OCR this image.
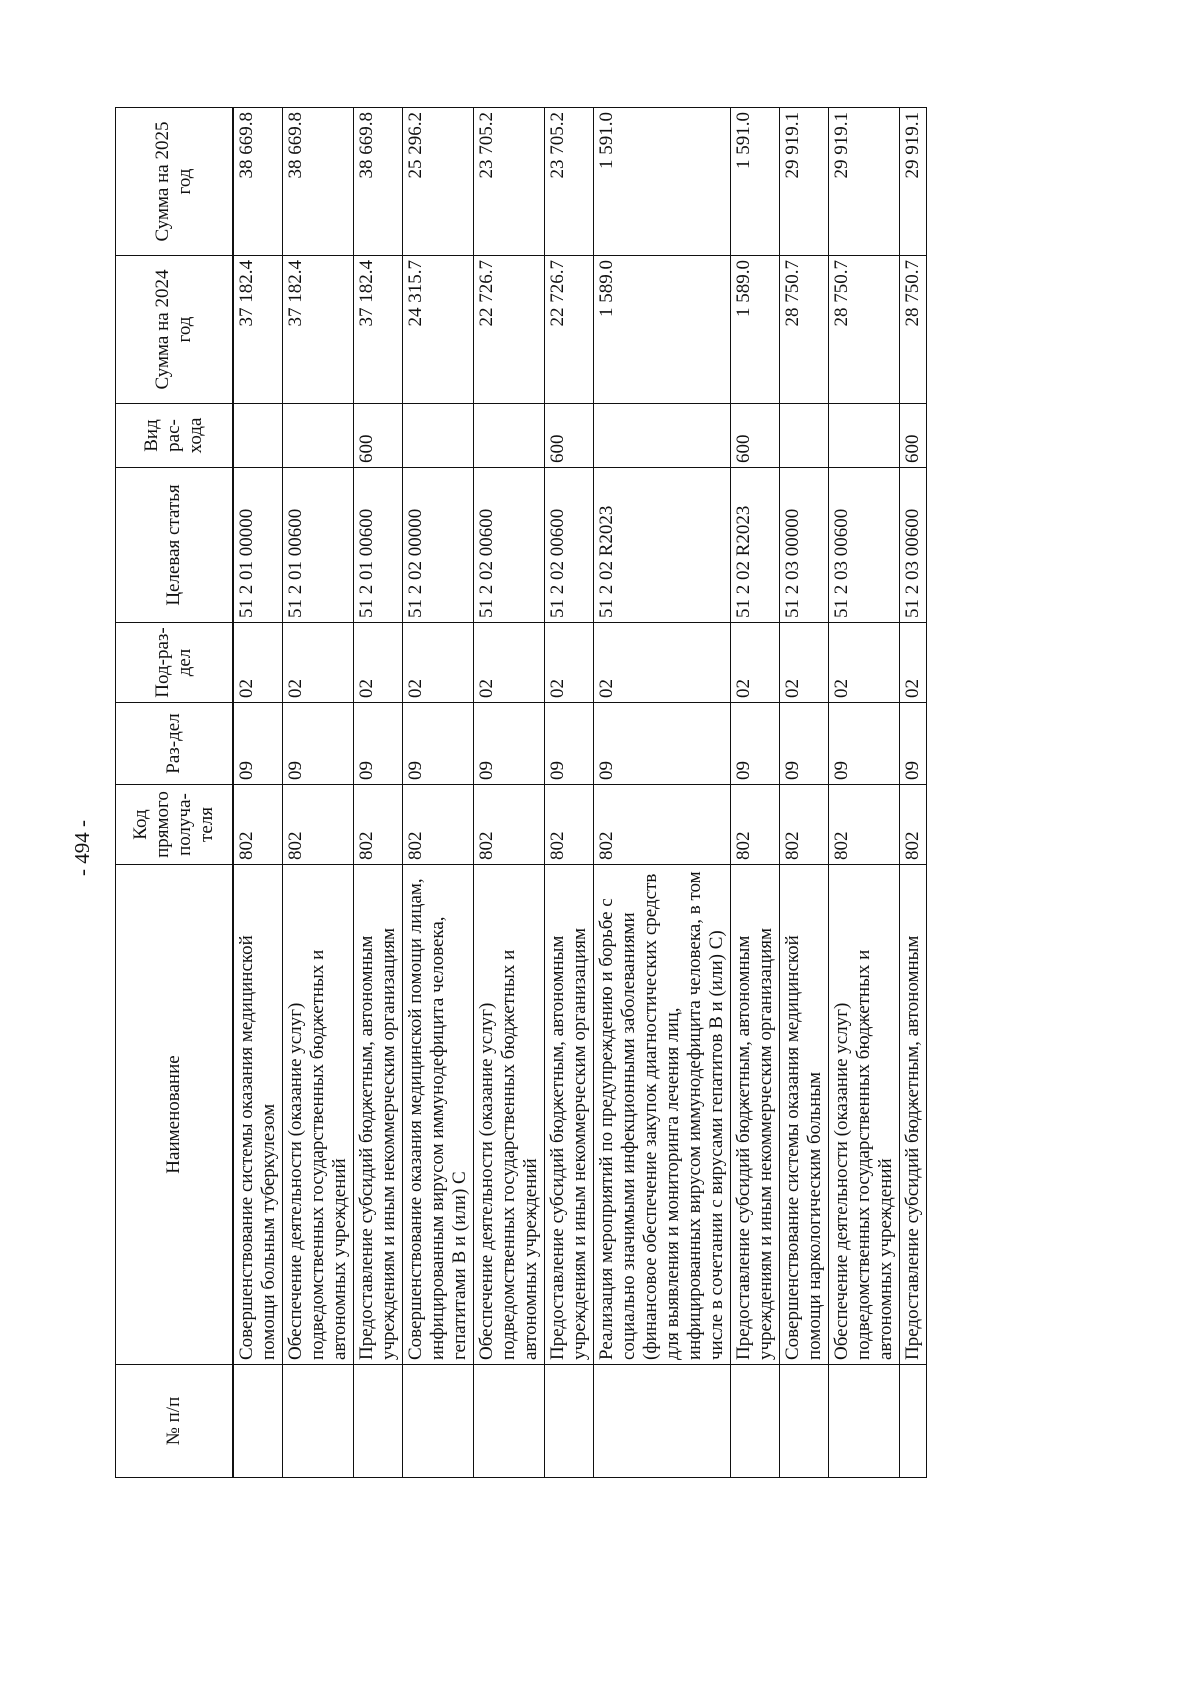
- 494 -
№ п/п	Наименование	Код прямого получа-теля	Раз-дел	Под-раз-дел	Целевая статья	Вид рас-хода	Сумма на 2024 год	Сумма на 2025 год
	Совершенствование системы оказания медицинской помощи больным туберкулезом	802	09	02	51 2 01 00000		37 182.4	38 669.8
	Обеспечение деятельности (оказание услуг) подведомственных государственных бюджетных и автономных учреждений	802	09	02	51 2 01 00600		37 182.4	38 669.8
	Предоставление субсидий бюджетным, автономным учреждениям и иным некоммерческим организациям	802	09	02	51 2 01 00600	600	37 182.4	38 669.8
	Совершенствование оказания медицинской помощи лицам, инфицированным вирусом иммунодефицита человека, гепатитами B и (или) C	802	09	02	51 2 02 00000		24 315.7	25 296.2
	Обеспечение деятельности (оказание услуг) подведомственных государственных бюджетных и автономных учреждений	802	09	02	51 2 02 00600		22 726.7	23 705.2
	Предоставление субсидий бюджетным, автономным учреждениям и иным некоммерческим организациям	802	09	02	51 2 02 00600	600	22 726.7	23 705.2
	Реализация мероприятий по предупреждению и борьбе с социально значимыми инфекционными заболеваниями (финансовое обеспечение закупок диагностических средств для выявления и мониторинга лечения лиц, инфицированных вирусом иммунодефицита человека, в том числе в сочетании с вирусами гепатитов B и (или) C)	802	09	02	51 2 02 R2023		1 589.0	1 591.0
	Предоставление субсидий бюджетным, автономным учреждениям и иным некоммерческим организациям	802	09	02	51 2 02 R2023	600	1 589.0	1 591.0
	Совершенствование системы оказания медицинской помощи наркологическим больным	802	09	02	51 2 03 00000		28 750.7	29 919.1
	Обеспечение деятельности (оказание услуг) подведомственных государственных бюджетных и автономных учреждений	802	09	02	51 2 03 00600		28 750.7	29 919.1
	Предоставление субсидий бюджетным, автономным	802	09	02	51 2 03 00600	600	28 750.7	29 919.1
